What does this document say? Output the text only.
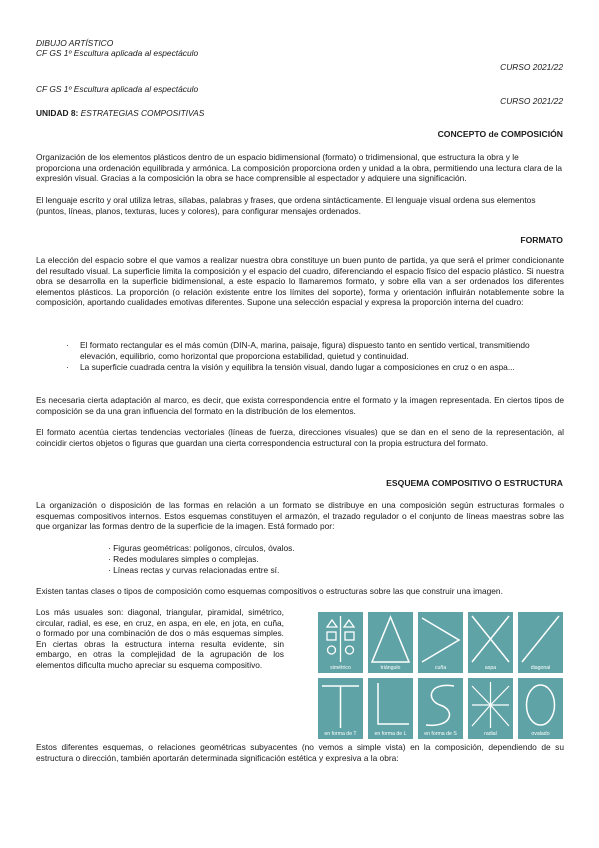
DIBUJO ARTÍSTICO
CF GS 1º Escultura aplicada al espectáculo
CURSO 2021/22
CF GS 1º Escultura aplicada al espectáculo
CURSO 2021/22
UNIDAD 8: ESTRATEGIAS COMPOSITIVAS
CONCEPTO de COMPOSICIÓN
Organización de los elementos plásticos dentro de un espacio bidimensional (formato) o tridimensional, que estructura la obra y le proporciona una ordenación equilibrada y armónica. La composición proporciona orden y unidad a la obra, permitiendo una lectura clara de la expresión visual. Gracias a la composición la obra se hace comprensible al espectador y adquiere una significación.
El lenguaje escrito y oral utiliza letras, sílabas, palabras y frases, que ordena sintácticamente. El lenguaje visual ordena sus elementos (puntos, líneas, planos, texturas, luces y colores), para configurar mensajes ordenados.
FORMATO
La elección del espacio sobre el que vamos a realizar nuestra obra constituye un buen punto de partida, ya que será el primer condicionante del resultado visual. La superficie limita la composición y el espacio del cuadro, diferenciando el espacio físico del espacio plástico. Si nuestra obra se desarrolla en la superficie bidimensional, a este espacio lo llamaremos formato, y sobre ella van a ser ordenados los diferentes elementos plásticos. La proporción (o relación existente entre los límites del soporte), forma y orientación influirán notablemente sobre la composición, aportando cualidades emotivas diferentes. Supone una selección espacial y expresa la proporción interna del cuadro:
· El formato rectangular es el más común (DIN-A, marina, paisaje, figura) dispuesto tanto en sentido vertical, transmitiendo elevación, equilibrio, como horizontal que proporciona estabilidad, quietud y continuidad.
· La superficie cuadrada centra la visión y equilibra la tensión visual, dando lugar a composiciones en cruz o en aspa...
Es necesaria cierta adaptación al marco, es decir, que exista correspondencia entre el formato y la imagen representada. En ciertos tipos de composición se da una gran influencia del formato en la distribución de los elementos.
El formato acentúa ciertas tendencias vectoriales (líneas de fuerza, direcciones visuales) que se dan en el seno de la representación, al coincidir ciertos objetos o figuras que guardan una cierta correspondencia estructural con la propia estructura del formato.
ESQUEMA COMPOSITIVO O ESTRUCTURA
La organización o disposición de las formas en relación a un formato se distribuye en una composición según estructuras formales o esquemas compositivos internos. Estos esquemas constituyen el armazón, el trazado regulador o el conjunto de líneas maestras sobre las que organizar las formas dentro de la superficie de la imagen. Está formado por:
· Figuras geométricas: polígonos, círculos, óvalos.
· Redes modulares simples o complejas.
· Líneas rectas y curvas relacionadas entre sí.
Existen tantas clases o tipos de composición como esquemas compositivos o estructuras sobre las que construir una imagen.
Los más usuales son: diagonal, triangular, piramidal, simétrico, circular, radial, es ese, en cruz, en aspa, en ele, en jota, en cuña, o formado por una combinación de dos o más esquemas simples. En ciertas obras la estructura interna resulta evidente, sin embargo, en otras la complejidad de la agrupación de los elementos dificulta mucho apreciar su esquema compositivo.	simétrico	triángulo	cuña	aspa	diagonal
en forma de T	en forma de L	en forma de S	radial	ovalado
Estos diferentes esquemas, o relaciones geométricas subyacentes (no vemos a simple vista) en la composición, dependiendo de su estructura o dirección, también aportarán determinada significación estética y expresiva a la obra:
